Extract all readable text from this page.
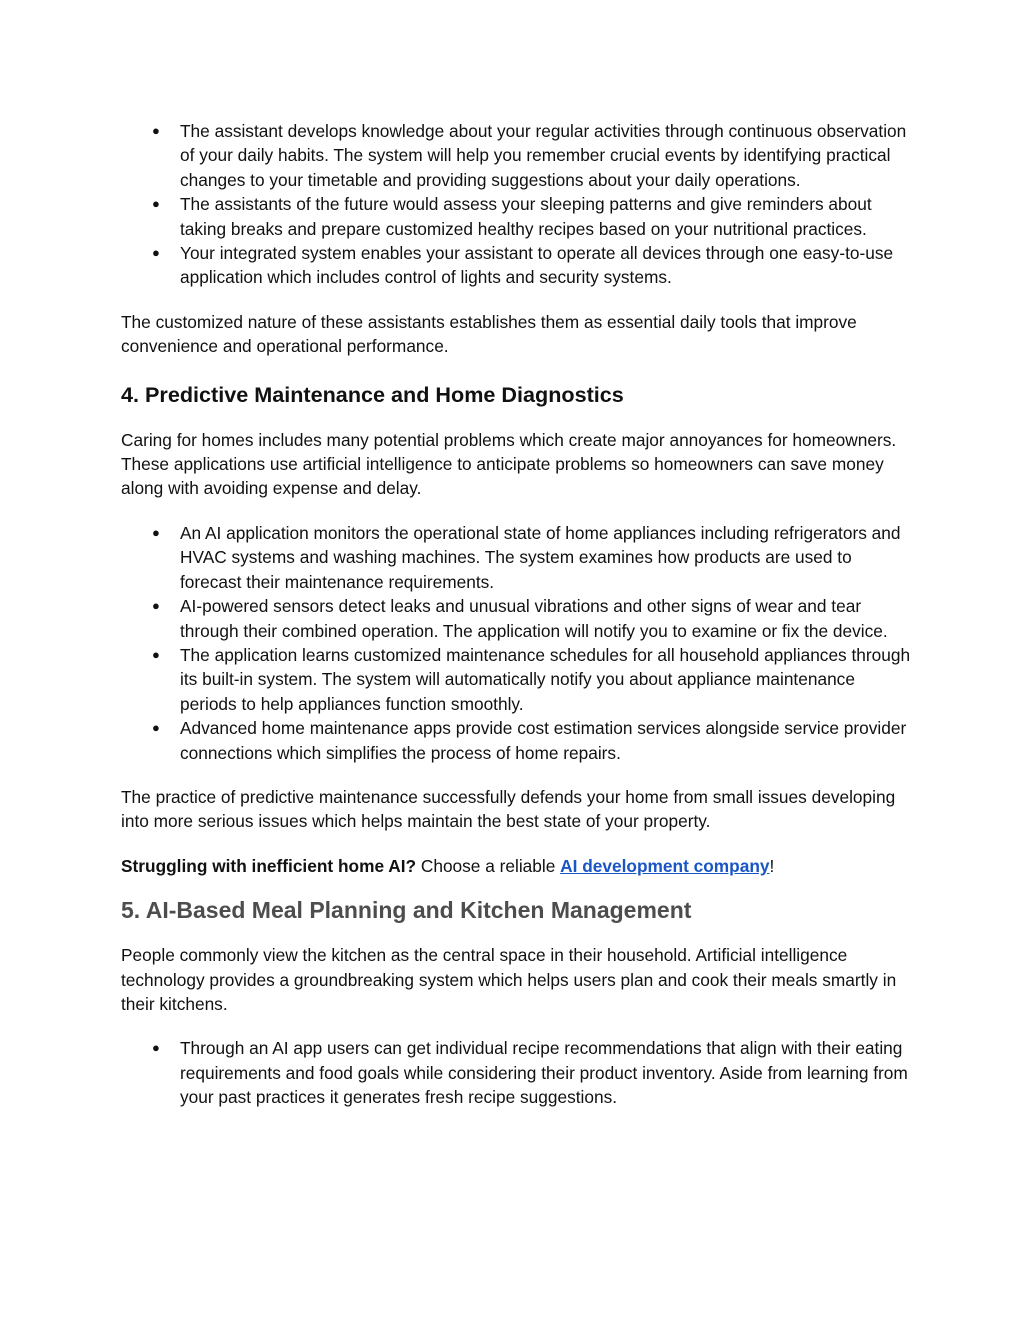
● The assistant develops knowledge about your regular activities through continuous observation of your daily habits. The system will help you remember crucial events by identifying practical changes to your timetable and providing suggestions about your daily operations.
● The assistants of the future would assess your sleeping patterns and give reminders about taking breaks and prepare customized healthy recipes based on your nutritional practices.
● Your integrated system enables your assistant to operate all devices through one easy-to-use application which includes control of lights and security systems.

The customized nature of these assistants establishes them as essential daily tools that improve convenience and operational performance.

4. Predictive Maintenance and Home Diagnostics

Caring for homes includes many potential problems which create major annoyances for homeowners. These applications use artificial intelligence to anticipate problems so homeowners can save money along with avoiding expense and delay.

● An AI application monitors the operational state of home appliances including refrigerators and HVAC systems and washing machines. The system examines how products are used to forecast their maintenance requirements.
● AI-powered sensors detect leaks and unusual vibrations and other signs of wear and tear through their combined operation. The application will notify you to examine or fix the device.
● The application learns customized maintenance schedules for all household appliances through its built-in system. The system will automatically notify you about appliance maintenance periods to help appliances function smoothly.
● Advanced home maintenance apps provide cost estimation services alongside service provider connections which simplifies the process of home repairs.

The practice of predictive maintenance successfully defends your home from small issues developing into more serious issues which helps maintain the best state of your property.

Struggling with inefficient home AI? Choose a reliable AI development company!

5. AI-Based Meal Planning and Kitchen Management

People commonly view the kitchen as the central space in their household. Artificial intelligence technology provides a groundbreaking system which helps users plan and cook their meals smartly in their kitchens.

● Through an AI app users can get individual recipe recommendations that align with their eating requirements and food goals while considering their product inventory. Aside from learning from your past practices it generates fresh recipe suggestions.
